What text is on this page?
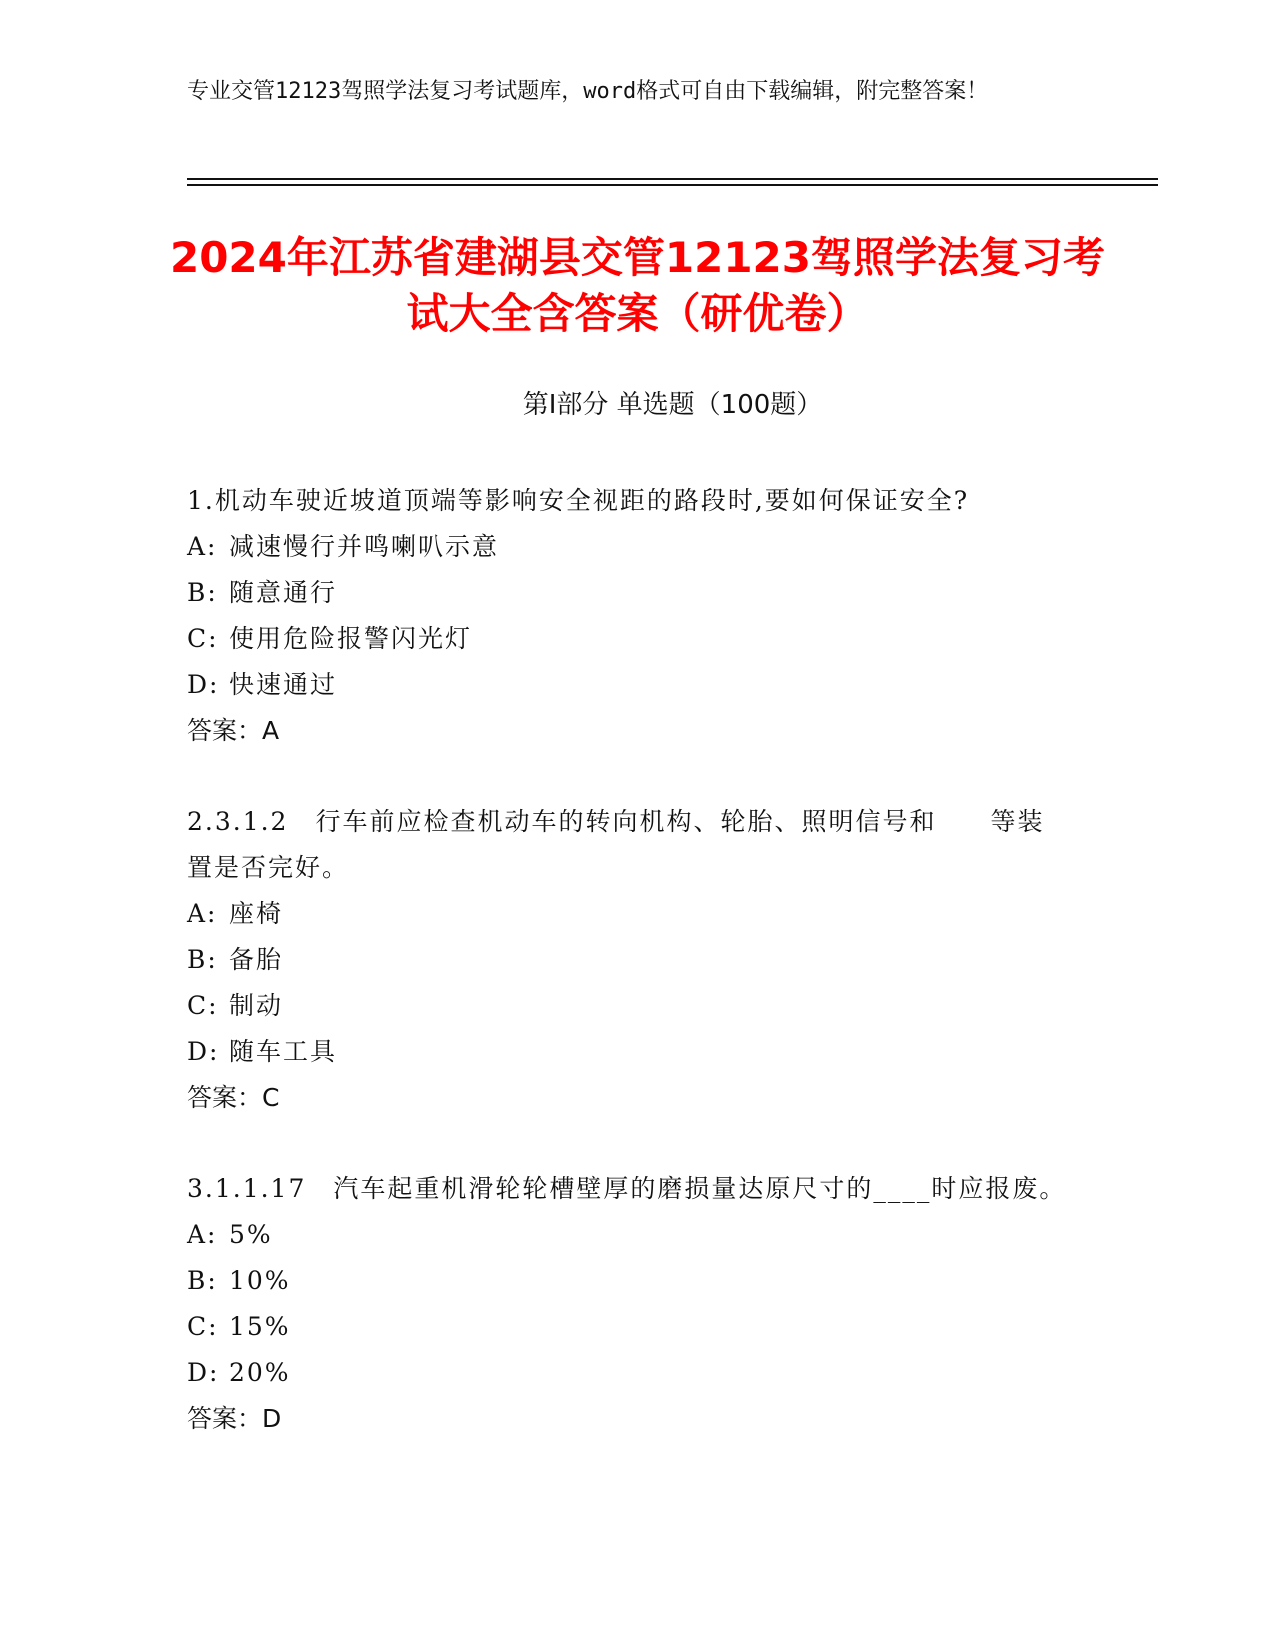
专业交管12123驾照学法复习考试题库，word格式可自由下载编辑，附完整答案！
2024年江苏省建湖县交管12123驾照学法复习考试大全含答案（研优卷）
第Ⅰ部分 单选题（100题）

1.机动车驶近坡道顶端等影响安全视距的路段时,要如何保证安全?

A: 减速慢行并鸣喇叭示意
B: 随意通行
C: 使用危险报警闪光灯
D: 快速通过
答案：A

2.3.1.2　行车前应检查机动车的转向机构、轮胎、照明信号和　　等装置是否完好。

A: 座椅
B: 备胎
C: 制动
D: 随车工具
答案：C

3.1.1.17　汽车起重机滑轮轮槽壁厚的磨损量达原尺寸的____时应报废。

A: 5%
B: 10%
C: 15%
D: 20%
答案：D
